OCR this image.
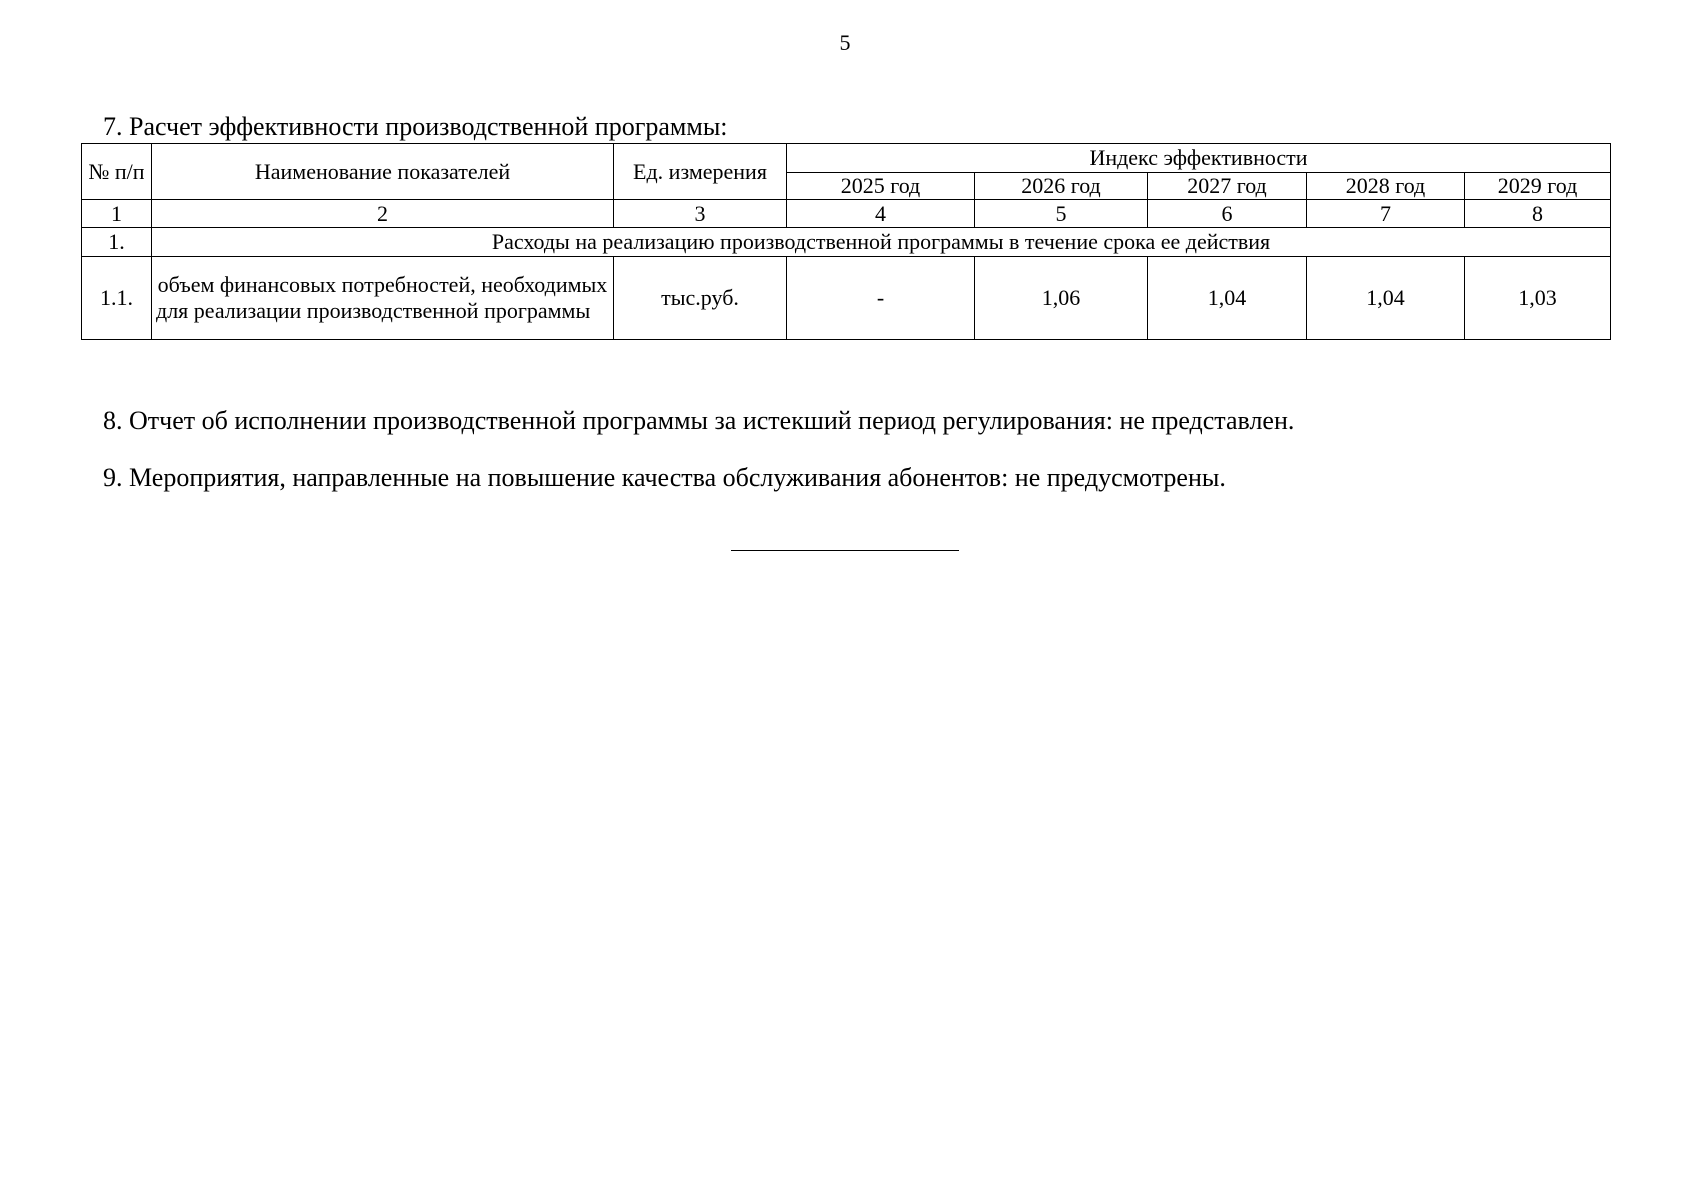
5
7. Расчет эффективности производственной программы:
№ п/п	Наименование показателей	Ед. измерения	Индекс эффективности				
			2025 год	2026 год	2027 год	2028 год	2029 год
1	2	3	4	5	6	7	8
1.	Расходы на реализацию производственной программы в течение срока ее действия						
1.1.	объем финансовых потребностей, необходимых для реализации производственной программы	тыс.руб.	-	1,06	1,04	1,04	1,03
8. Отчет об исполнении производственной программы за истекший период регулирования: не представлен.
9. Мероприятия, направленные на повышение качества обслуживания абонентов: не предусмотрены.
